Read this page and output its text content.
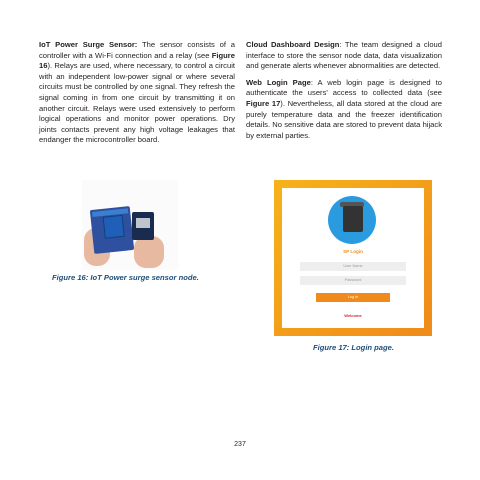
IoT Power Surge Sensor: The sensor consists of a controller with a Wi-Fi connection and a relay (see Figure 16). Relays are used, where necessary, to control a circuit with an independent low-power signal or where several circuits must be controlled by one signal. They refresh the signal coming in from one circuit by transmitting it on another circuit. Relays were used extensively to perform logical operations and monitor power operations. Dry joints contacts prevent any high voltage leakages that endanger the microcontroller board.

Cloud Dashboard Design: The team designed a cloud interface to store the sensor node data, data visualization and generate alerts whenever abnormalities are detected.

Web Login Page: A web login page is designed to authenticate the users' access to collected data (see Figure 17). Nevertheless, all data stored at the cloud are purely temperature data and the freezer identification details. No sensitive data are stored to prevent data hijack by external parties.

Figure 16: IoT Power surge sensor node.
SP Login
User Name
Password
Log in
Welcome
Figure 17: Login page.
237
